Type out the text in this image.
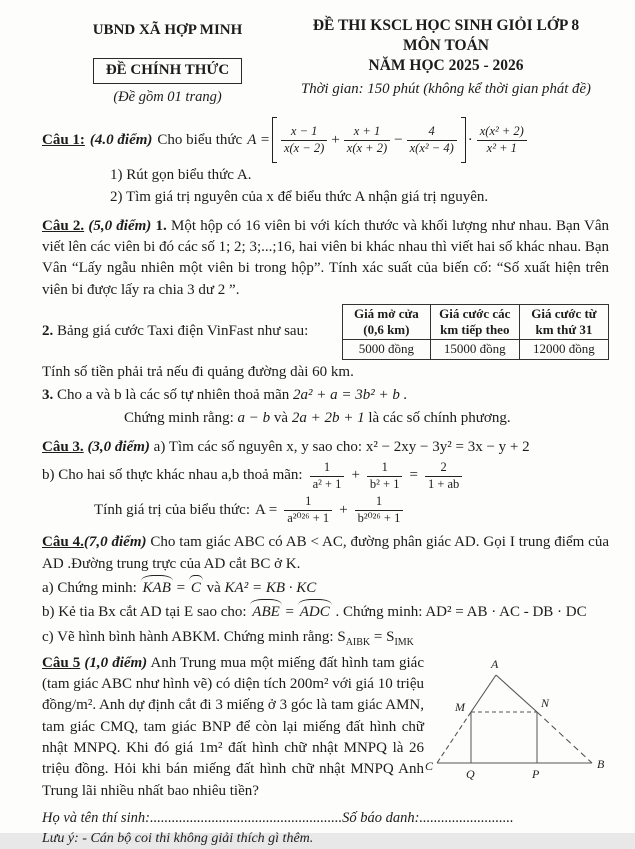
UBND XÃ HỢP MINH
ĐỀ CHÍNH THỨC
(Đề gồm 01 trang)
ĐỀ THI KSCL HỌC SINH GIỎI LỚP 8
MÔN TOÁN
NĂM HỌC 2025 - 2026
Thời gian: 150 phút (không kể thời gian phát đề)
Câu 1: (4.0 điểm) Cho biểu thức $A = \frac{x - 1}{x(x - 2)} + \frac{x + 1}{x(x + 2)} - \frac{4}{\text{x(x² − 4)}} \cdot \frac{\text{x(x² + 2)}}{\text{x² + 1}}$
1) Rút gọn biểu thức A.
2) Tìm giá trị nguyên của x để biểu thức A nhận giá trị nguyên.
Câu 2. (5,0 điểm) 1. Một hộp có 16 viên bi với kích thước và khối lượng như nhau. Bạn Vân viết lên các viên bi đó các số 1; 2; 3;...;16, hai viên bi khác nhau thì viết hai số khác nhau. Bạn Vân “Lấy ngẫu nhiên một viên bi trong hộp”. Tính xác suất của biến cố: “Số xuất hiện trên viên bi được lấy ra chia 3 dư 2 ”.
2. Bảng giá cước Taxi điện VinFast như sau:
Giá mở cửa (0,6 km)	Giá cước các km tiếp theo	Giá cước từ km thứ 31
5000 đồng	15000 đồng	12000 đồng
Tính số tiền phải trả nếu đi quảng đường dài 60 km.
3. Cho a và b là các số tự nhiên thoả mãn 2a² + a = 3b² + b .
Chứng minh rằng: a − b và 2a + 2b + 1 là các số chính phương.
Câu 3. (3,0 điểm) a) Tìm các số nguyên x, y sao cho: x² − 2xy − 3y² = 3x − y + 2
b) Cho hai số thực khác nhau a,b thoả mãn: $\frac{1}{\text{a² + 1}} + \frac{1}{\text{b² + 1}} = \frac{2}{1 + ab}$
Tính giá trị của biểu thức: $A = \frac{1}{\text{a²⁰²⁶ + 1}} + \frac{1}{\text{b²⁰²⁶ + 1}}$
Câu 4.(7,0 điểm) Cho tam giác ABC có AB < AC, đường phân giác AD. Gọi I trung điểm của AD .Đường trung trực của AD cắt BC ở K.
a) Chứng minh: KAB = C và KA² = KB · KC
b) Kẻ tia Bx cắt AD tại E sao cho: ABE = ADC . Chứng minh: AD² = AB · AC - DB · DC
c) Vẽ hình bình hành ABKM. Chứng minh rằng: $S_{AIBK} = S_{IMK}$
Câu 5 (1,0 điểm) Anh Trung mua một miếng đất hình tam giác (tam giác ABC như hình vẽ) có diện tích 200m² với giá 10 triệu đồng/m². Anh dự định cắt đi 3 miếng ở 3 góc là tam giác AMN, tam giác CMQ, tam giác BNP để còn lại miếng đất hình chữ nhật MNPQ. Khi đó giá 1m² đất hình chữ nhật MNPQ là 26 triệu đồng. Hỏi khi bán miếng đất hình chữ nhật MNPQ Anh Trung lãi nhiều nhất bao nhiêu tiền?
A
M	N
C
Q	P
B
Họ và tên thí sinh:.....................................................Số báo danh:..........................
Lưu ý: - Cán bộ coi thi không giải thích gì thêm.
